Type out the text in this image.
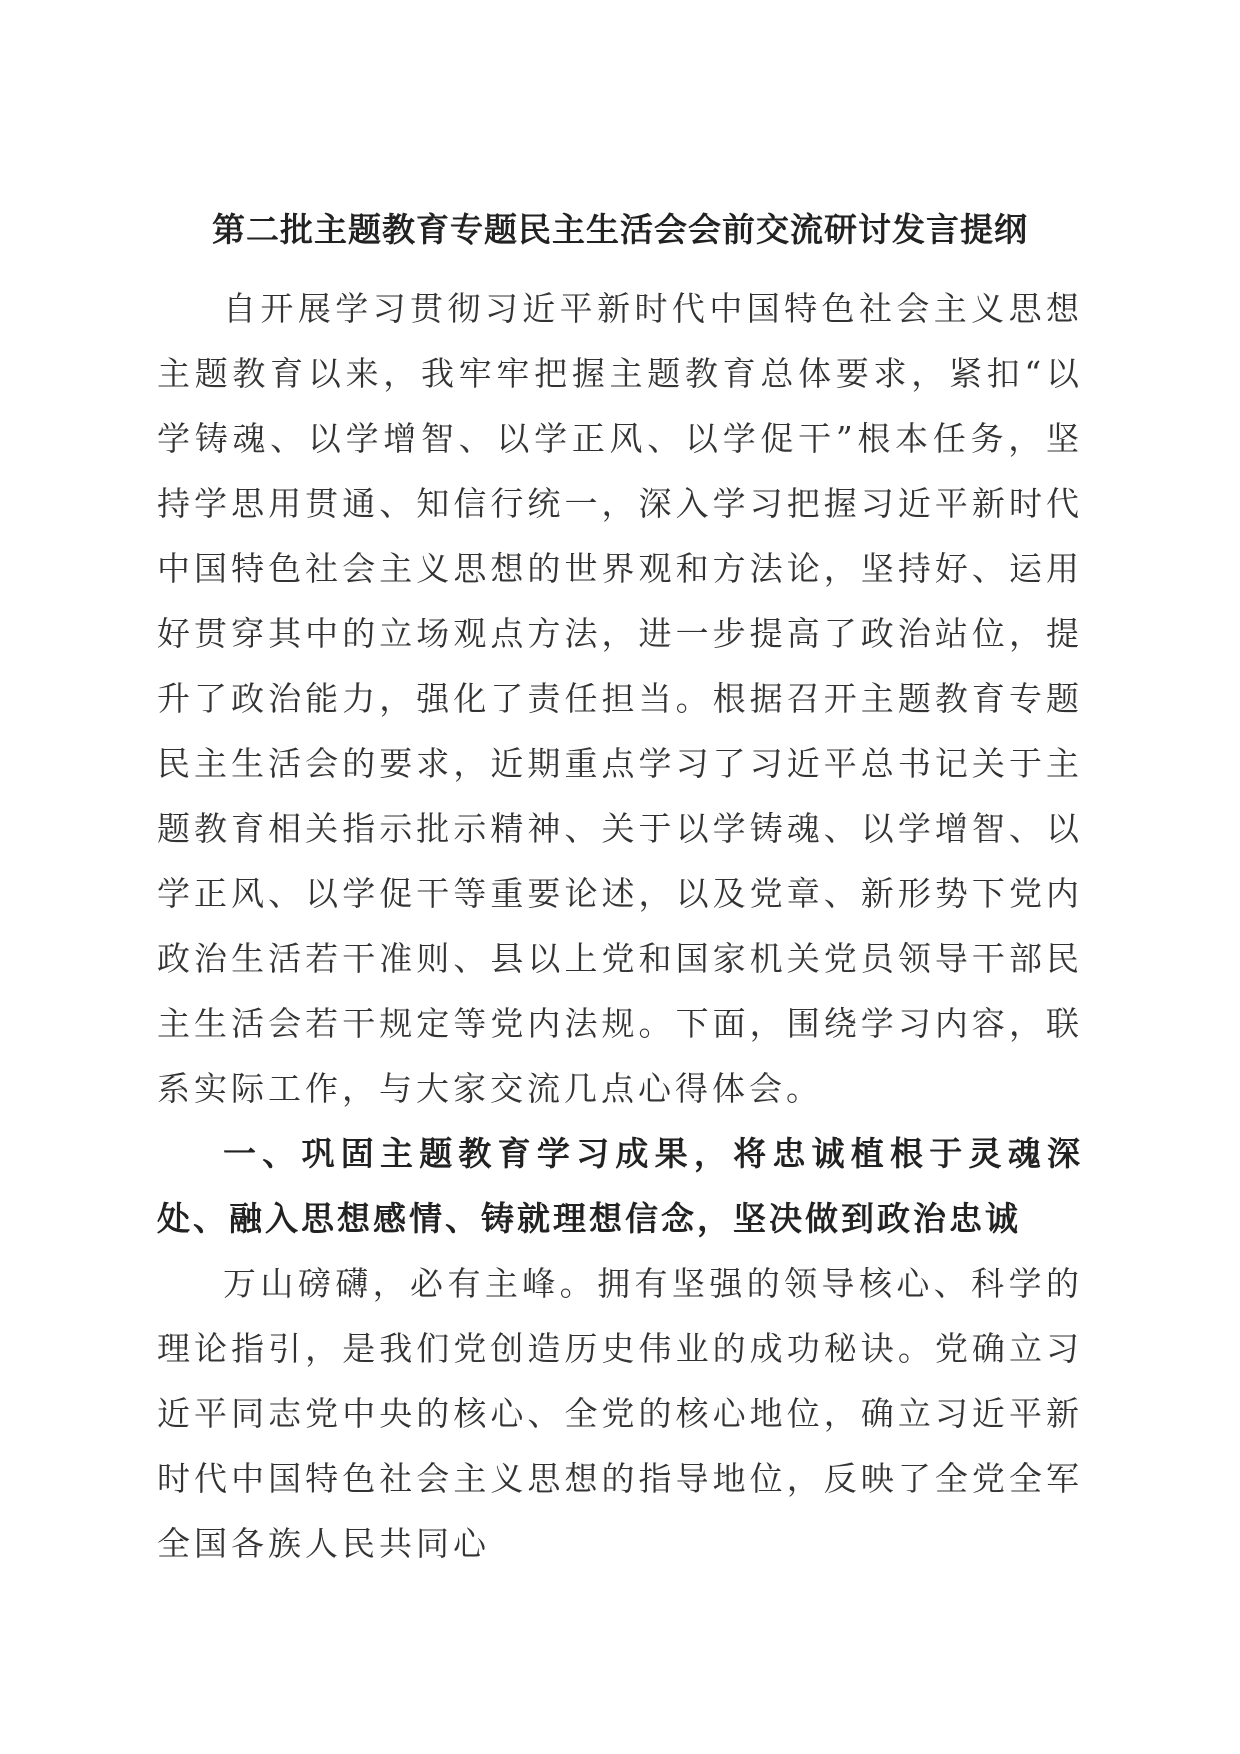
第二批主题教育专题民主生活会会前交流研讨发言提纲

自开展学习贯彻习近平新时代中国特色社会主义思想主题教育以来，我牢牢把握主题教育总体要求，紧扣“以学铸魂、以学增智、以学正风、以学促干”根本任务，坚持学思用贯通、知信行统一，深入学习把握习近平新时代中国特色社会主义思想的世界观和方法论，坚持好、运用好贯穿其中的立场观点方法，进一步提高了政治站位，提升了政治能力，强化了责任担当。根据召开主题教育专题民主生活会的要求，近期重点学习了习近平总书记关于主题教育相关指示批示精神、关于以学铸魂、以学增智、以学正风、以学促干等重要论述，以及党章、新形势下党内政治生活若干准则、县以上党和国家机关党员领导干部民主生活会若干规定等党内法规。下面，围绕学习内容，联系实际工作，与大家交流几点心得体会。

一、巩固主题教育学习成果，将忠诚植根于灵魂深处、融入思想感情、铸就理想信念，坚决做到政治忠诚

万山磅礴，必有主峰。拥有坚强的领导核心、科学的理论指引，是我们党创造历史伟业的成功秘诀。党确立习近平同志党中央的核心、全党的核心地位，确立习近平新时代中国特色社会主义思想的指导地位，反映了全党全军全国各族人民共同心
